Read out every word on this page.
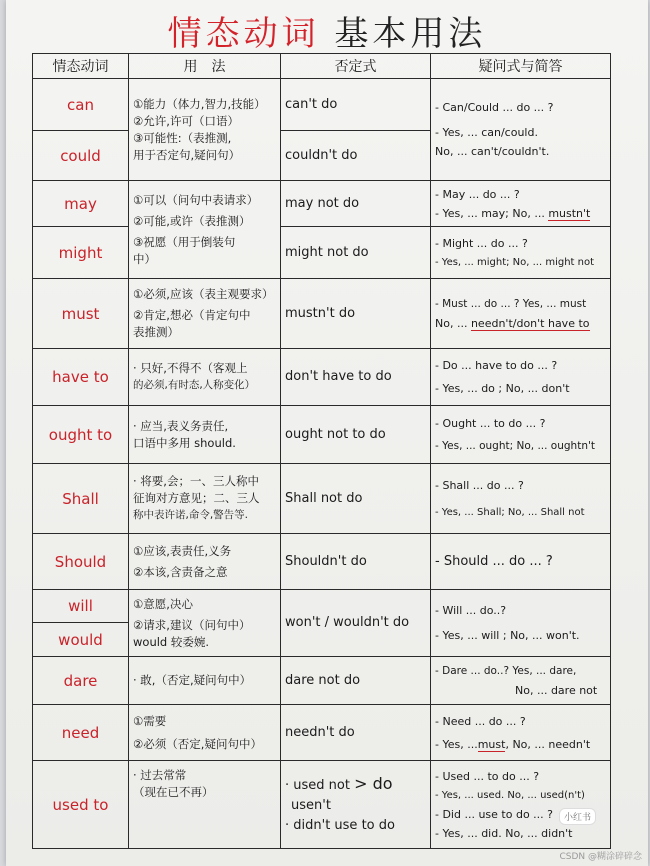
情态动词 基本用法
情态动词	用　法	否定式	疑问式与简答
can	①能力（体力,智力,技能）
②允许,许可（口语）
③可能性:（表推测,
用于否定句,疑问句）	can't do	- Can/Could ... do ... ?
- Yes, ... can/could.
No, ... can't/couldn't.

could		couldn't do	
may	①可以（问句中表请求）
②可能,或许（表推测）
③祝愿（用于倒装句
中）	may not do	- May ... do ... ?
- Yes, ... may; No, ... mustn't

might		might not do	- Might ... do ... ?
- Yes, ... might; No, ... might not

must	①必须,应该（表主观要求）
②肯定,想必（肯定句中
表推测）	mustn't do	- Must ... do ... ? Yes, ... must
No, ... needn't/don't have to

have to	· 只好,不得不（客观上
的必须,有时态,人称变化）	don't have to do	- Do ... have to do ... ?
- Yes, ... do ; No, ... don't

ought to	· 应当,表义务责任,
口语中多用 should.	ought not to do	- Ought ... to do ... ?
- Yes, ... ought; No, ... oughtn't

Shall	· 将要,会；一、三人称中
征询对方意见；二、三人
称中表许诺,命令,警告等.	Shall not do	- Shall ... do ... ?
- Yes, ... Shall; No, ... Shall not

Should	①应该,表责任,义务
②本该,含责备之意	Shouldn't do	- Should ... do ... ?

will	①意愿,决心
②请求,建议（问句中）
would 较委婉.	won't / wouldn't do	- Will ... do..?
- Yes, ... will ; No, ... won't.

would			
dare	· 敢,（否定,疑问句中）	dare not do	- Dare ... do..? Yes, ... dare,
No, ... dare not

need	①需要
②必须（否定,疑问句中）	needn't do	- Need ... do ... ?
- Yes, ...must, No, ... needn't

used to	· 过去常常
（现在已不再）	· used not > do
usen't
· didn't use to do	- Used ... to do ... ?
- Yes, ... used. No, ... used(n't)
- Did ... use to do ... ?
- Yes, ... did. No, ... didn't
小红书
CSDN @糊涂碎碎念
